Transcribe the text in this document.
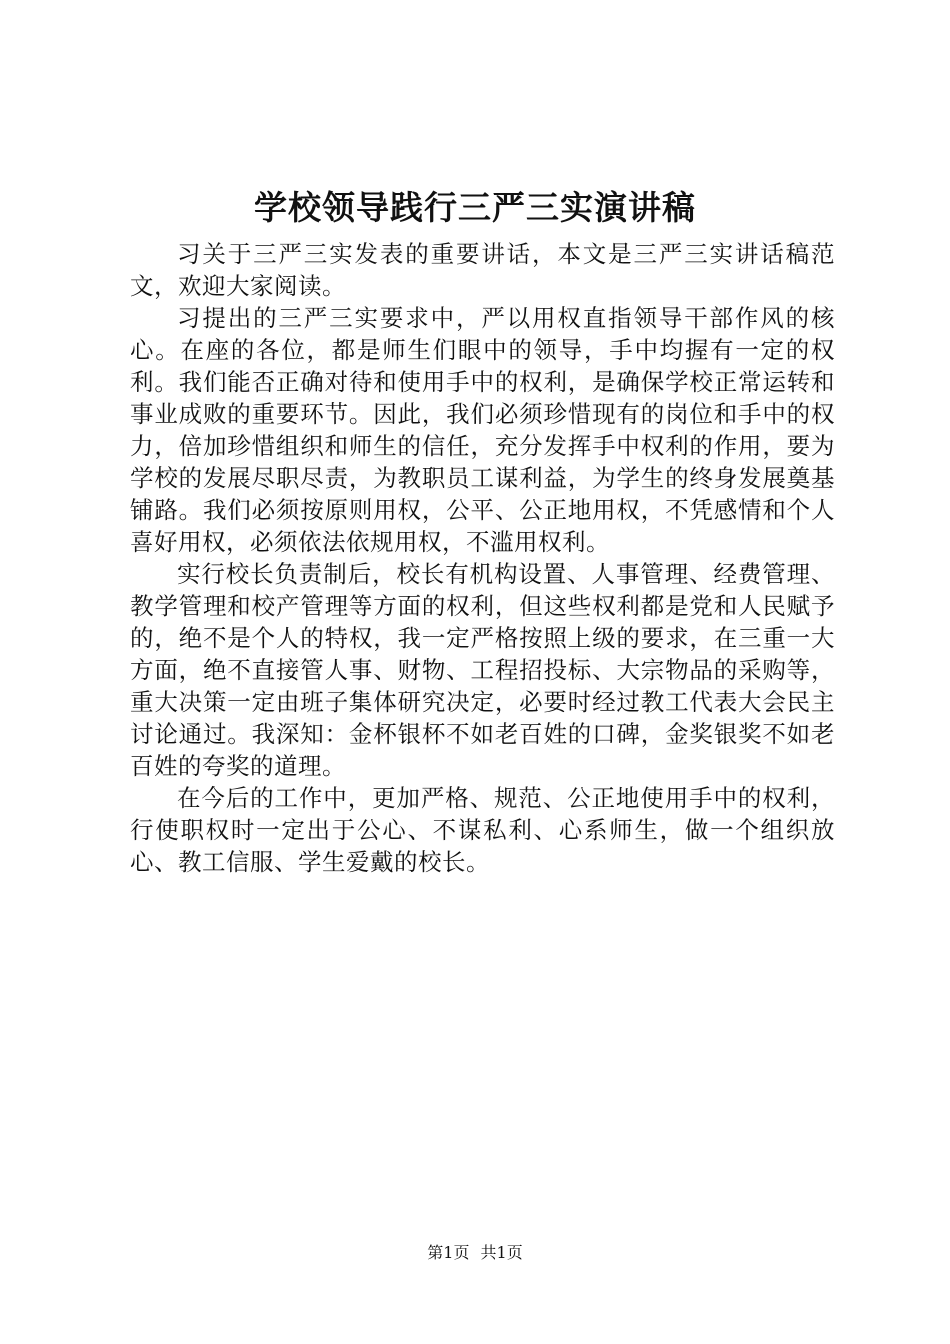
学校领导践行三严三实演讲稿

习关于三严三实发表的重要讲话，本文是三严三实讲话稿范文，欢迎大家阅读。

习提出的三严三实要求中，严以用权直指领导干部作风的核心。在座的各位，都是师生们眼中的领导，手中均握有一定的权利。我们能否正确对待和使用手中的权利，是确保学校正常运转和事业成败的重要环节。因此，我们必须珍惜现有的岗位和手中的权力，倍加珍惜组织和师生的信任，充分发挥手中权利的作用，要为学校的发展尽职尽责，为教职员工谋利益，为学生的终身发展奠基铺路。我们必须按原则用权，公平、公正地用权，不凭感情和个人喜好用权，必须依法依规用权，不滥用权利。

实行校长负责制后，校长有机构设置、人事管理、经费管理、教学管理和校产管理等方面的权利，但这些权利都是党和人民赋予的，绝不是个人的特权，我一定严格按照上级的要求，在三重一大方面，绝不直接管人事、财物、工程招投标、大宗物品的采购等，重大决策一定由班子集体研究决定，必要时经过教工代表大会民主讨论通过。我深知：金杯银杯不如老百姓的口碑，金奖银奖不如老百姓的夸奖的道理。

在今后的工作中，更加严格、规范、公正地使用手中的权利，行使职权时一定出于公心、不谋私利、心系师生，做一个组织放心、教工信服、学生爱戴的校长。

第1页 共1页
